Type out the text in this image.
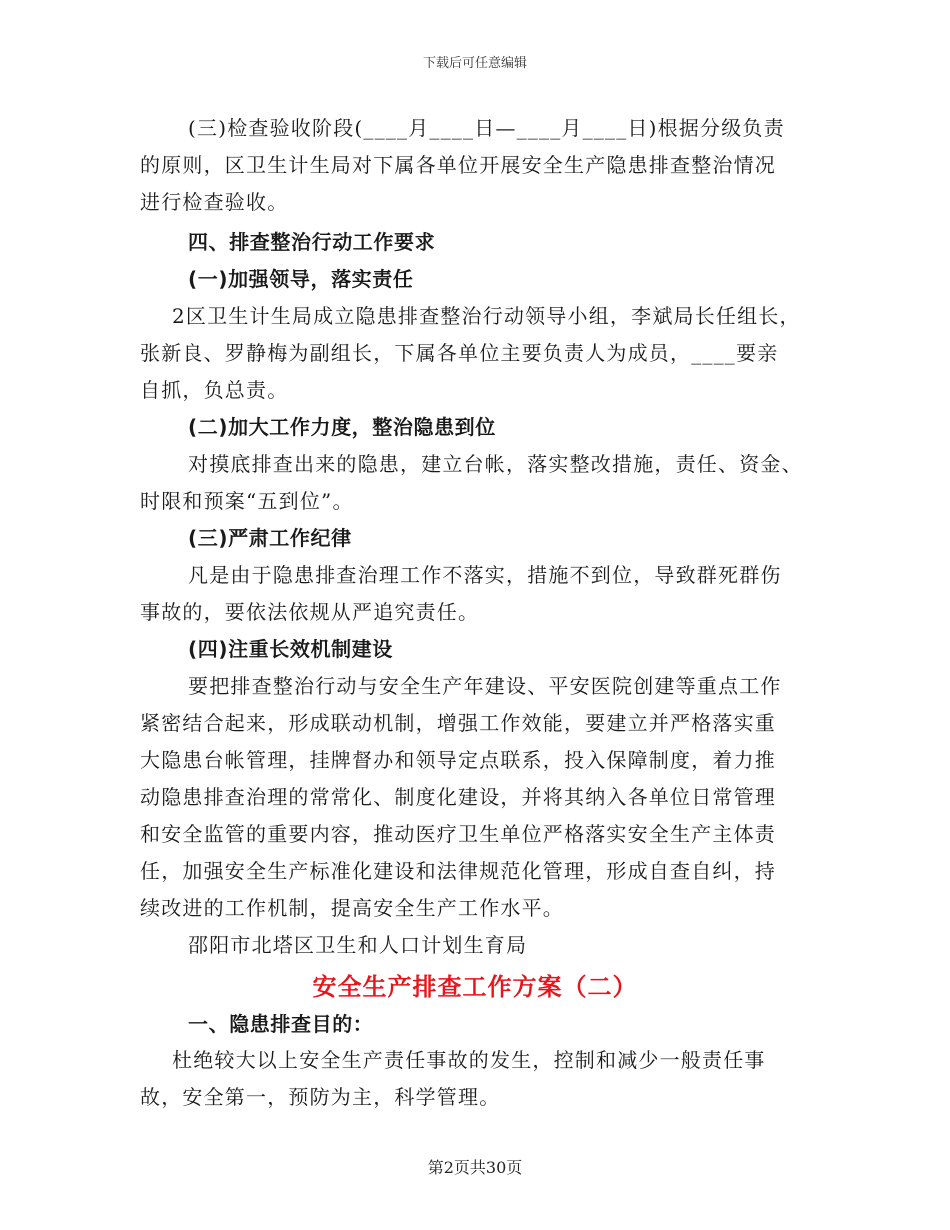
下载后可任意编辑
(三)检查验收阶段(____月____日—____月____日)根据分级负责
的原则，区卫生计生局对下属各单位开展安全生产隐患排查整治情况
进行检查验收。
四、排查整治行动工作要求
(一)加强领导，落实责任
2区卫生计生局成立隐患排查整治行动领导小组，李斌局长任组长，
张新良、罗静梅为副组长，下属各单位主要负责人为成员，____要亲
自抓，负总责。
(二)加大工作力度，整治隐患到位
对摸底排查出来的隐患，建立台帐，落实整改措施，责任、资金、
时限和预案“五到位”。
(三)严肃工作纪律
凡是由于隐患排查治理工作不落实，措施不到位，导致群死群伤
事故的，要依法依规从严追究责任。
(四)注重长效机制建设
要把排查整治行动与安全生产年建设、平安医院创建等重点工作
紧密结合起来，形成联动机制，增强工作效能，要建立并严格落实重
大隐患台帐管理，挂牌督办和领导定点联系，投入保障制度，着力推
动隐患排查治理的常常化、制度化建设，并将其纳入各单位日常管理
和安全监管的重要内容，推动医疗卫生单位严格落实安全生产主体责
任，加强安全生产标准化建设和法律规范化管理，形成自查自纠，持
续改进的工作机制，提高安全生产工作水平。
邵阳市北塔区卫生和人口计划生育局
安全生产排查工作方案（二）
一、隐患排查目的：
杜绝较大以上安全生产责任事故的发生，控制和减少一般责任事
故，安全第一，预防为主，科学管理。
第2页共30页
